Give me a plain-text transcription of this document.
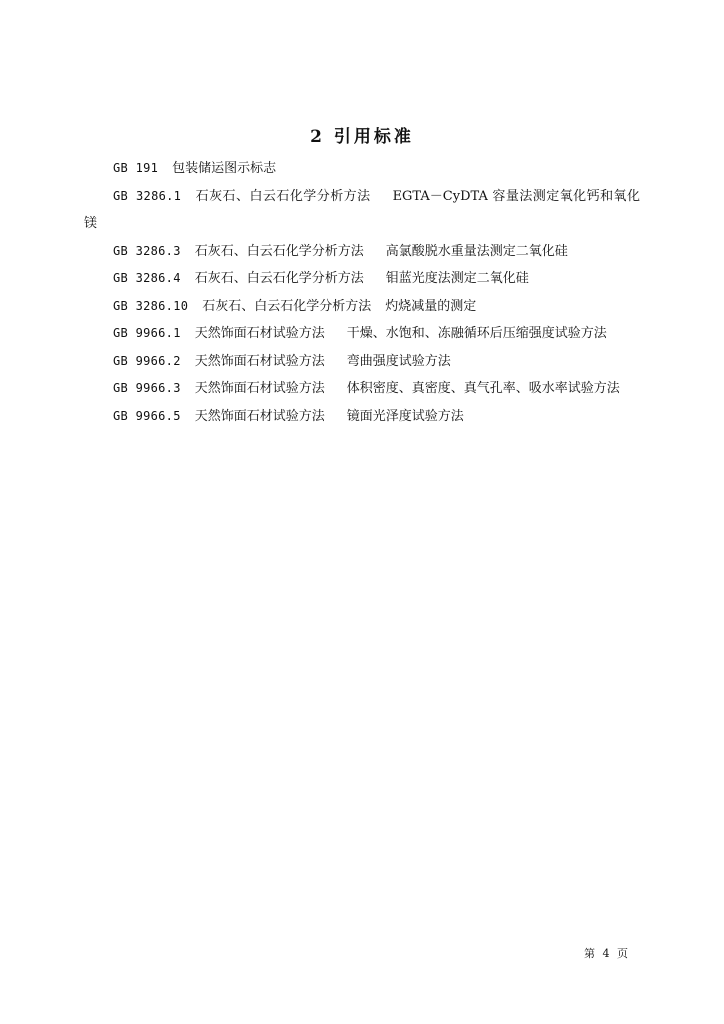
2 引用标准

GB 191 包装储运图示标志

GB 3286.1 石灰石、白云石化学分析方法 EGTA－CyDTA 容量法测定氧化钙和氧化镁

GB 3286.3 石灰石、白云石化学分析方法 高氯酸脱水重量法测定二氧化硅

GB 3286.4 石灰石、白云石化学分析方法 钼蓝光度法测定二氧化硅

GB 3286.10 石灰石、白云石化学分析方法 灼烧减量的测定

GB 9966.1 天然饰面石材试验方法 干燥、水饱和、冻融循环后压缩强度试验方法

GB 9966.2 天然饰面石材试验方法 弯曲强度试验方法

GB 9966.3 天然饰面石材试验方法 体积密度、真密度、真气孔率、吸水率试验方法

GB 9966.5 天然饰面石材试验方法 镜面光泽度试验方法

第 4 页
